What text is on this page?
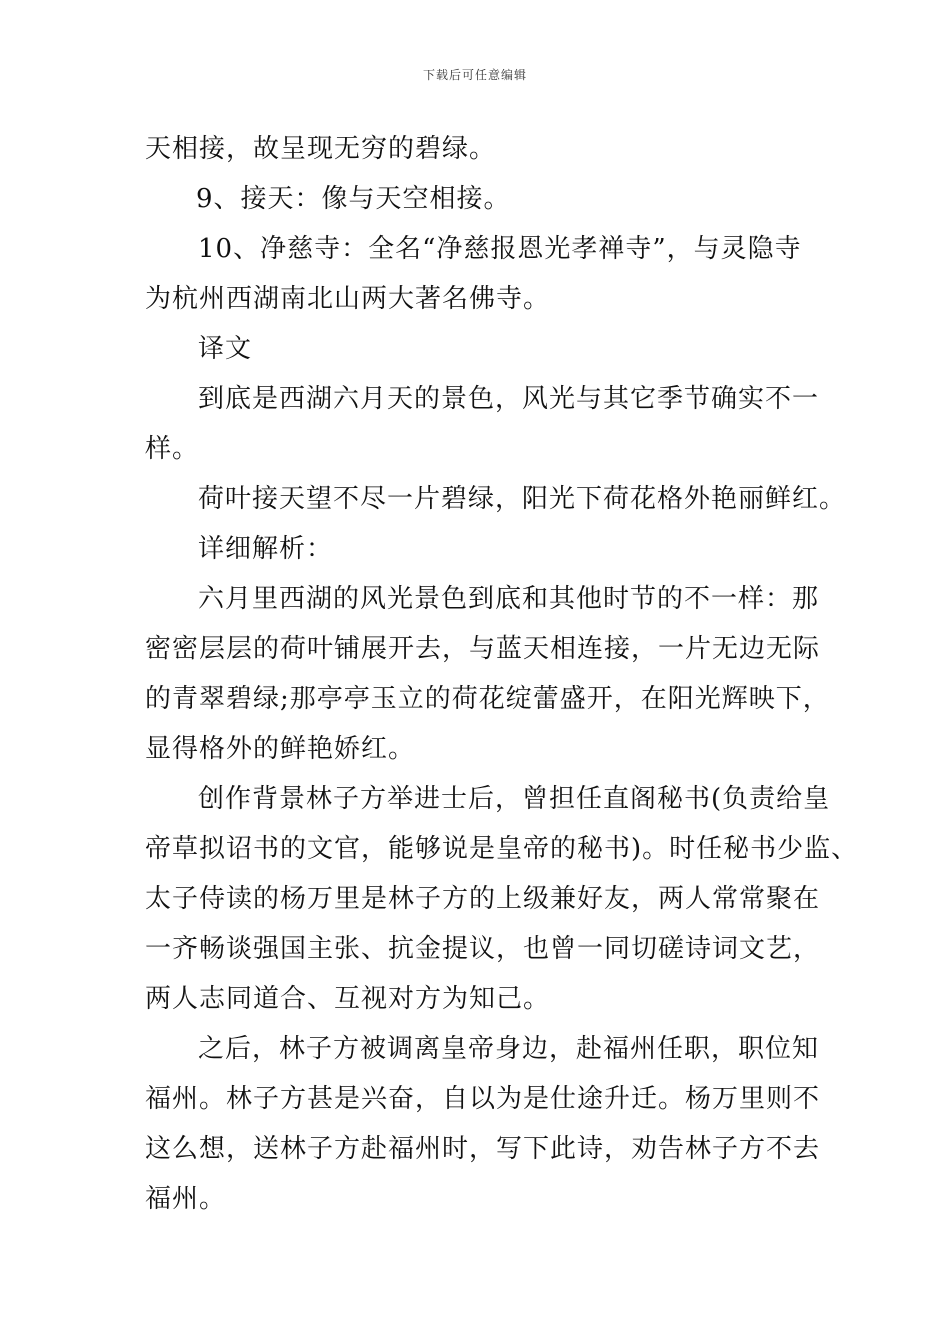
下载后可任意编辑
天相接，故呈现无穷的碧绿。
9、接天：像与天空相接。
10、净慈寺：全名“净慈报恩光孝禅寺”，与灵隐寺
为杭州西湖南北山两大著名佛寺。
译文
到底是西湖六月天的景色，风光与其它季节确实不一
样。
荷叶接天望不尽一片碧绿，阳光下荷花格外艳丽鲜红。
详细解析：
六月里西湖的风光景色到底和其他时节的不一样：那
密密层层的荷叶铺展开去，与蓝天相连接，一片无边无际
的青翠碧绿;那亭亭玉立的荷花绽蕾盛开，在阳光辉映下，
显得格外的鲜艳娇红。
创作背景林子方举进士后，曾担任直阁秘书(负责给皇
帝草拟诏书的文官，能够说是皇帝的秘书)。时任秘书少监、
太子侍读的杨万里是林子方的上级兼好友，两人常常聚在
一齐畅谈强国主张、抗金提议，也曾一同切磋诗词文艺，
两人志同道合、互视对方为知己。
之后，林子方被调离皇帝身边，赴福州任职，职位知
福州。林子方甚是兴奋，自以为是仕途升迁。杨万里则不
这么想，送林子方赴福州时，写下此诗，劝告林子方不去
福州。
